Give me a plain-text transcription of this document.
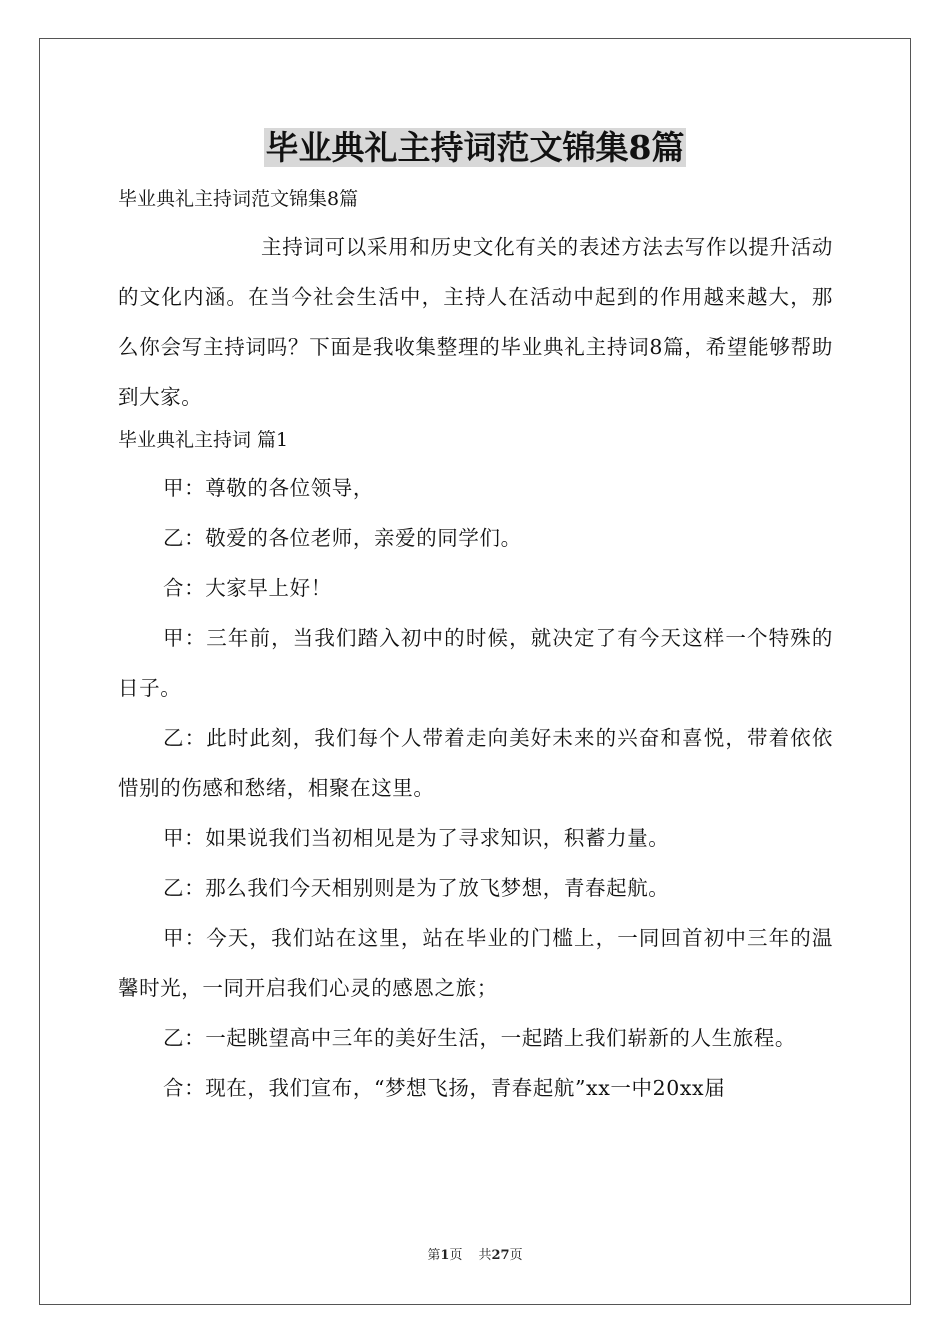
毕业典礼主持词范文锦集8篇

毕业典礼主持词范文锦集8篇

主持词可以采用和历史文化有关的表述方法去写作以提升活动的文化内涵。在当今社会生活中，主持人在活动中起到的作用越来越大，那么你会写主持词吗？下面是我收集整理的毕业典礼主持词8篇，希望能够帮助到大家。

毕业典礼主持词 篇1

甲：尊敬的各位领导，

乙：敬爱的各位老师，亲爱的同学们。

合：大家早上好！

甲：三年前，当我们踏入初中的时候，就决定了有今天这样一个特殊的日子。

乙：此时此刻，我们每个人带着走向美好未来的兴奋和喜悦，带着依依惜别的伤感和愁绪，相聚在这里。

甲：如果说我们当初相见是为了寻求知识，积蓄力量。

乙：那么我们今天相别则是为了放飞梦想，青春起航。

甲：今天，我们站在这里，站在毕业的门槛上，一同回首初中三年的温馨时光，一同开启我们心灵的感恩之旅；

乙：一起眺望高中三年的美好生活，一起踏上我们崭新的人生旅程。

合：现在，我们宣布，“梦想飞扬，青春起航”xx一中20xx届

第1页 共27页
